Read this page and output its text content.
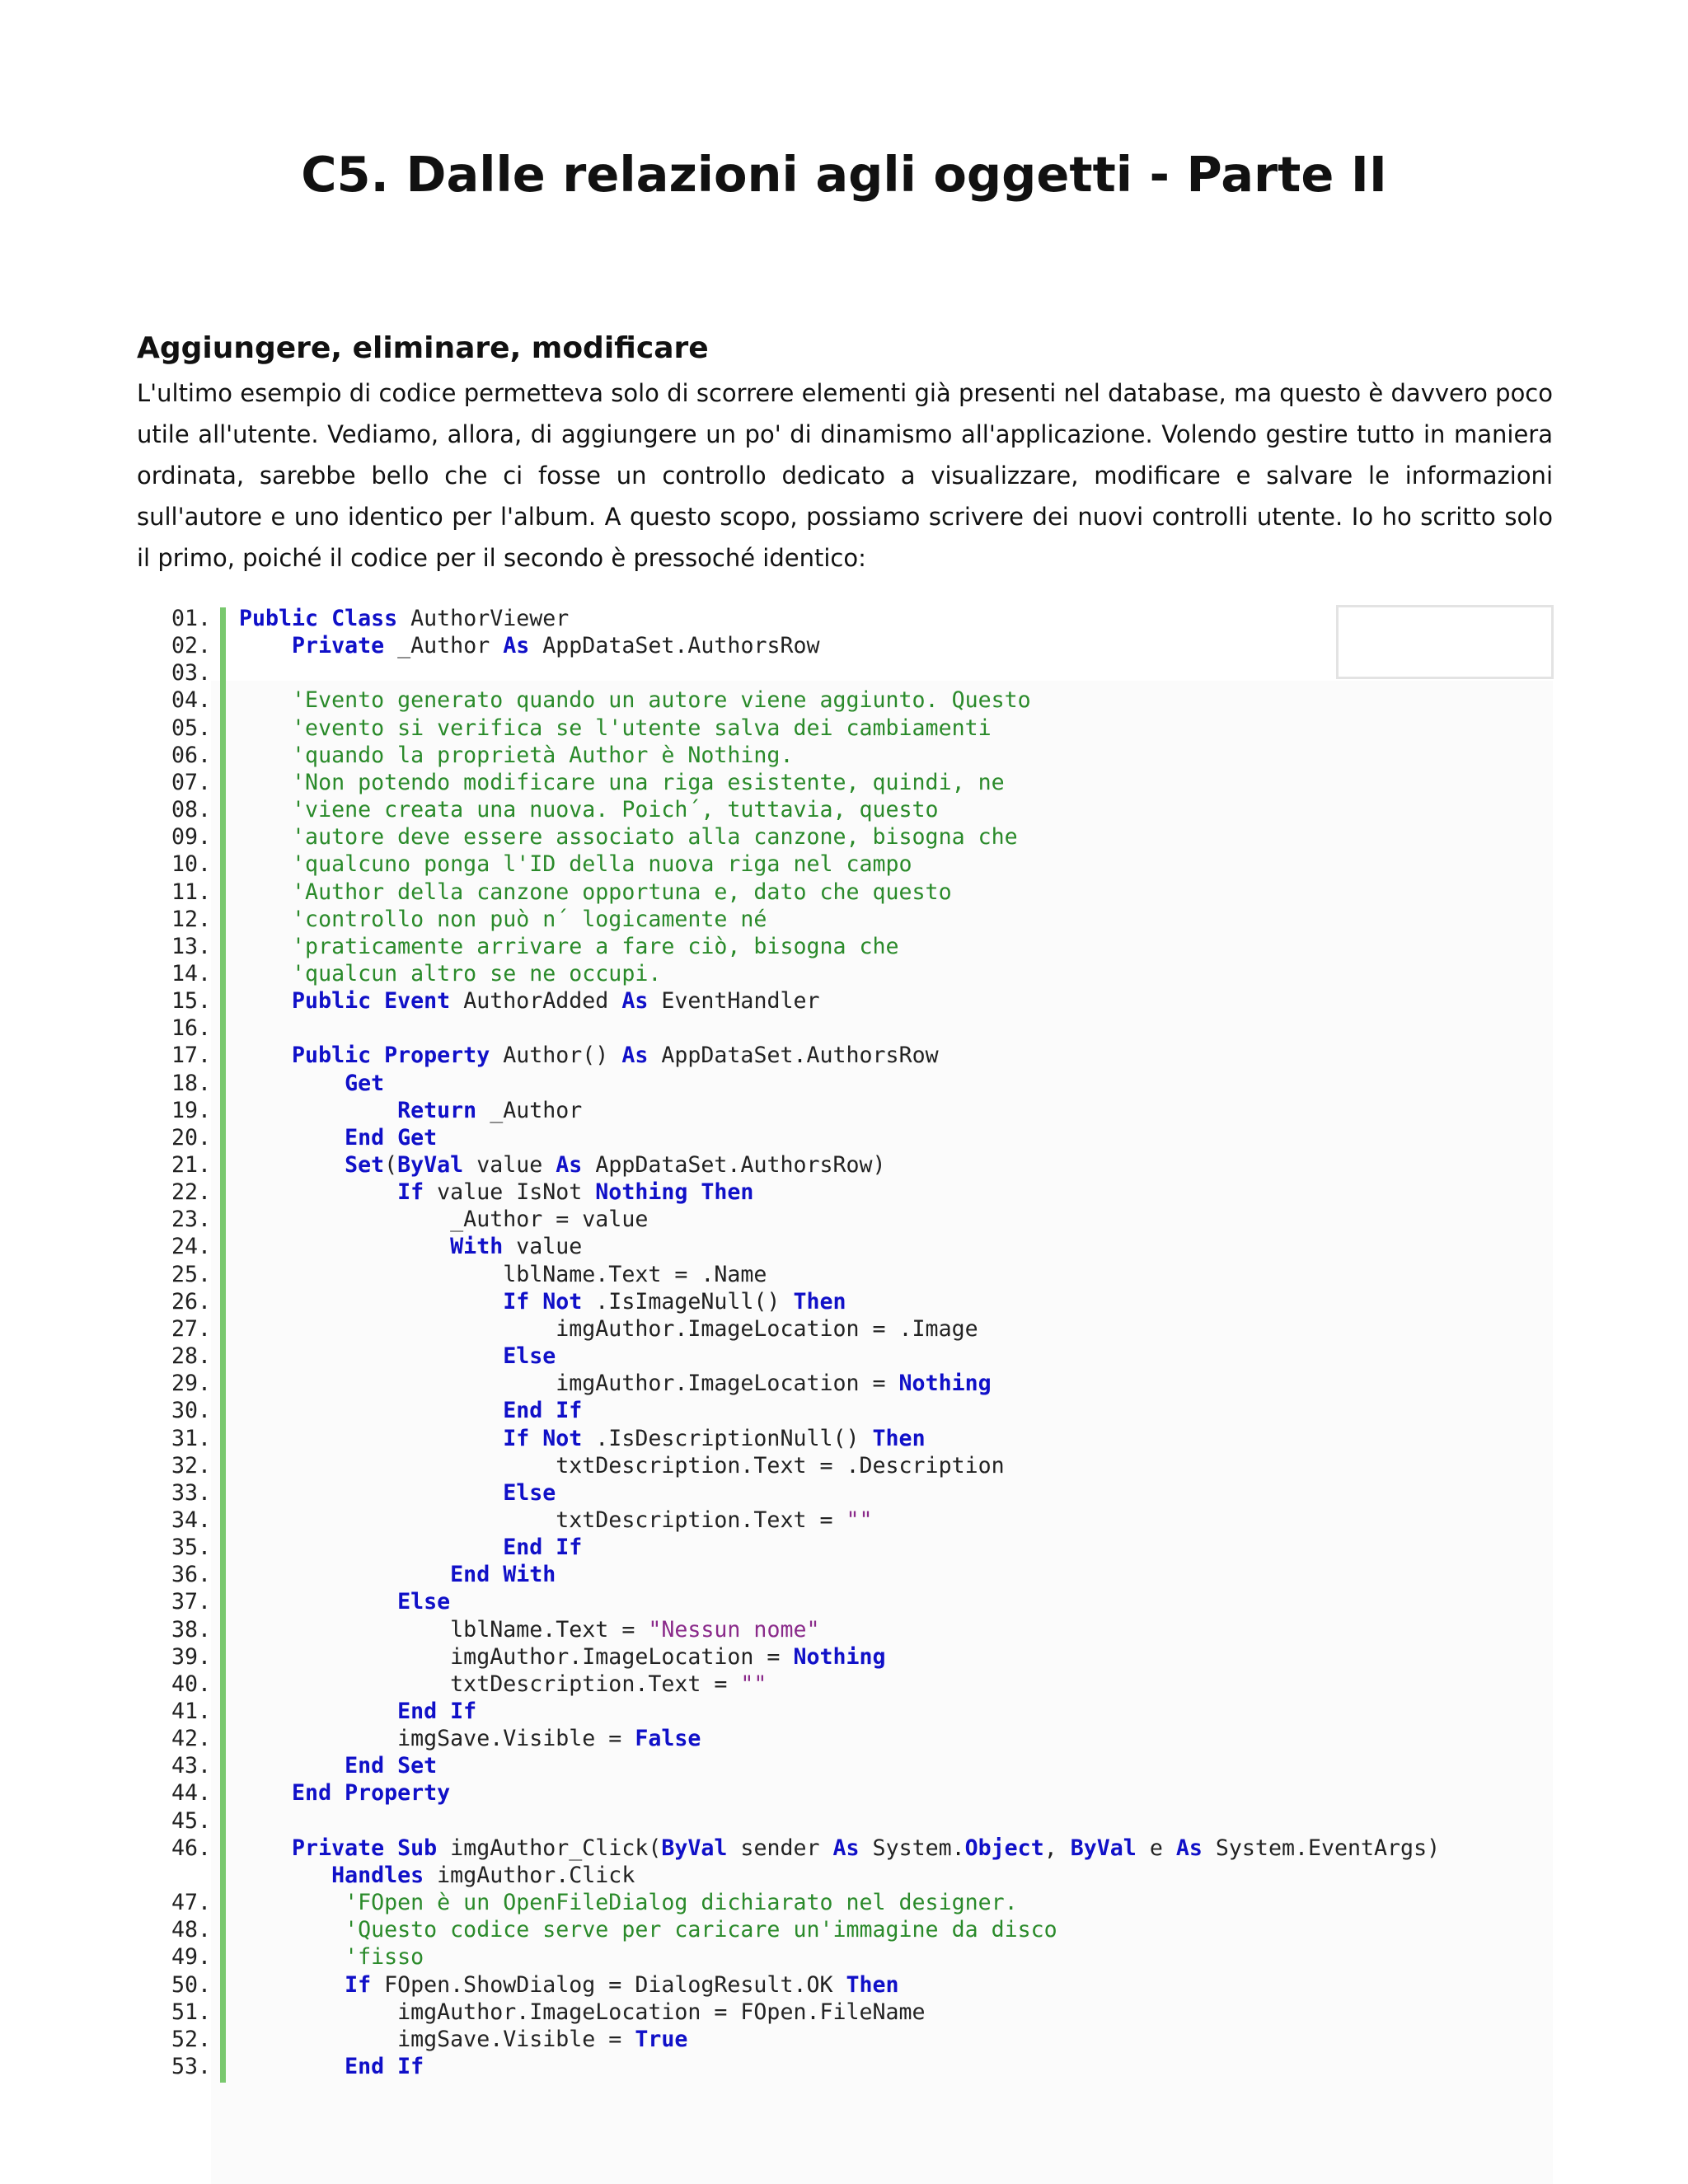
C5. Dalle relazioni agli oggetti - Parte II
Aggiungere, eliminare, modificare

L'ultimo esempio di codice permetteva solo di scorrere elementi già presenti nel database, ma questo è davvero poco utile all'utente. Vediamo, allora, di aggiungere un po' di dinamismo all'applicazione. Volendo gestire tutto in maniera ordinata, sarebbe bello che ci fosse un controllo dedicato a visualizzare, modificare e salvare le informazioni sull'autore e uno identico per l'album. A questo scopo, possiamo scrivere dei nuovi controlli utente. Io ho scritto solo il primo, poiché il codice per il secondo è pressoché identico:

01. Public Class AuthorViewer
02. Private _Author As AppDataSet.AuthorsRow
03.
04. 'Evento generato quando un autore viene aggiunto. Questo
05. 'evento si verifica se l'utente salva dei cambiamenti
06. 'quando la proprietà Author è Nothing.
07. 'Non potendo modificare una riga esistente, quindi, ne
08. 'viene creata una nuova. Poich´, tuttavia, questo
09. 'autore deve essere associato alla canzone, bisogna che
10. 'qualcuno ponga l'ID della nuova riga nel campo
11. 'Author della canzone opportuna e, dato che questo
12. 'controllo non può n´ logicamente né
13. 'praticamente arrivare a fare ciò, bisogna che
14. 'qualcun altro se ne occupi.
15. Public Event AuthorAdded As EventHandler
16.
17. Public Property Author() As AppDataSet.AuthorsRow
18. Get
19. Return _Author
20. End Get
21. Set(ByVal value As AppDataSet.AuthorsRow)
22. If value IsNot Nothing Then
23. _Author = value
24. With value
25. lblName.Text = .Name
26. If Not .IsImageNull() Then
27. imgAuthor.ImageLocation = .Image
28. Else
29. imgAuthor.ImageLocation = Nothing
30. End If
31. If Not .IsDescriptionNull() Then
32. txtDescription.Text = .Description
33. Else
34. txtDescription.Text = ""
35. End If
36. End With
37. Else
38. lblName.Text = "Nessun nome"
39. imgAuthor.ImageLocation = Nothing
40. txtDescription.Text = ""
41. End If
42. imgSave.Visible = False
43. End Set
44. End Property
45.
46. Private Sub imgAuthor_Click(ByVal sender As System.Object, ByVal e As System.EventArgs)
Handles imgAuthor.Click
47. 'FOpen è un OpenFileDialog dichiarato nel designer.
48. 'Questo codice serve per caricare un'immagine da disco
49. 'fisso
50. If FOpen.ShowDialog = DialogResult.OK Then
51. imgAuthor.ImageLocation = FOpen.FileName
52. imgSave.Visible = True
53. End If
